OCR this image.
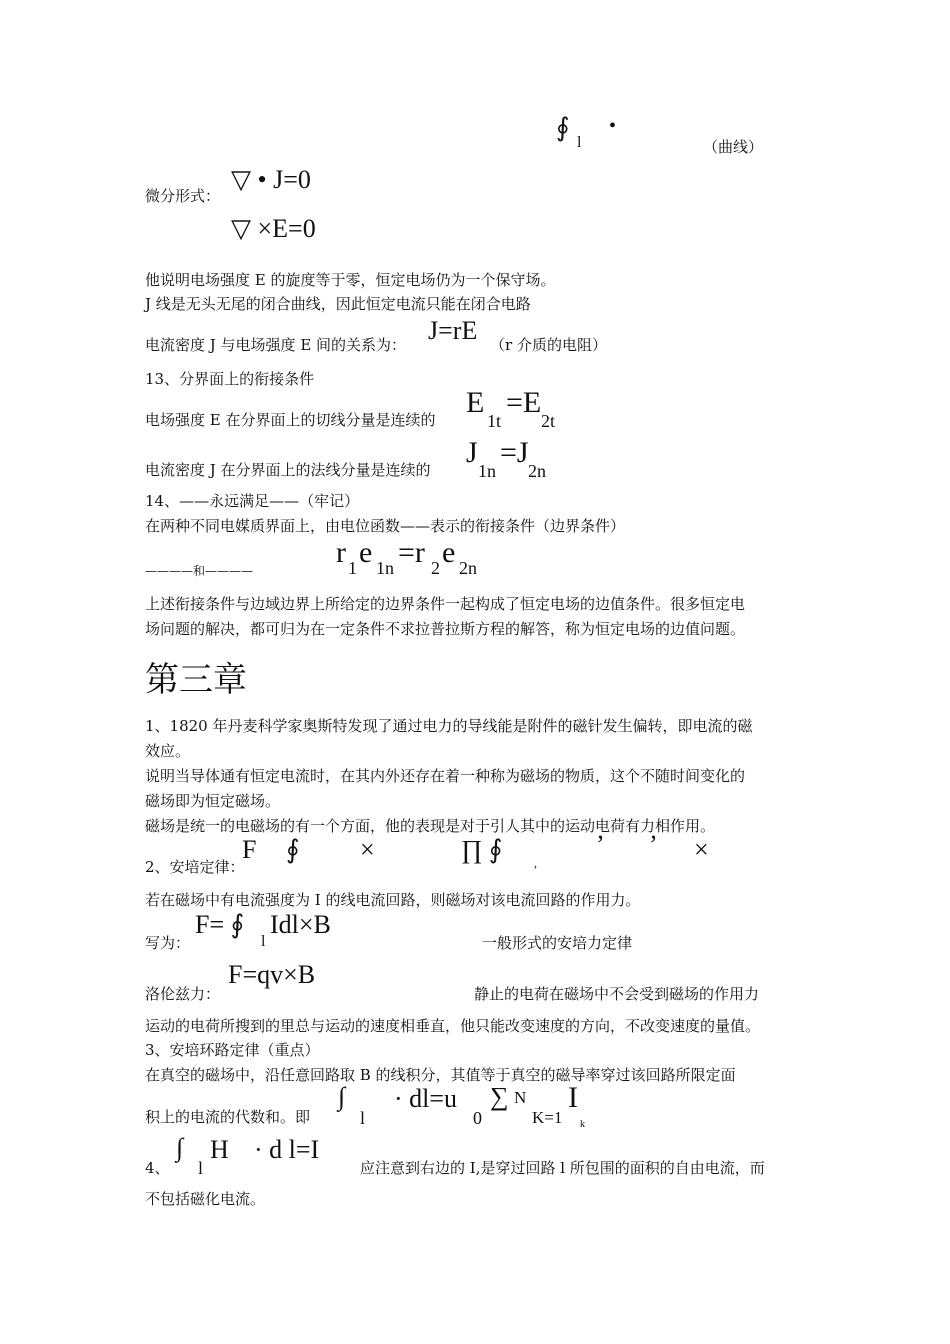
∮
l
•
（曲线）
微分形式：
▽ • J=0
▽ ×E=0
他说明电场强度 E 的旋度等于零，恒定电场仍为一个保守场。
J 线是无头无尾的闭合曲线，因此恒定电流只能在闭合电路
电流密度 J 与电场强度 E 间的关系为： J=rE （r 介质的电阻）
13、分界面上的衔接条件
电场强度 E 在分界面上的切线分量是连续的
E
1t
=E
2t
电流密度 J 在分界面上的法线分量是连续的
J
1n
=J
2n
14、——永远满足——（牢记）
在两种不同电媒质界面上，由电位函数——表示的衔接条件（边界条件）
————和————
r 1 e 1n =r 2 e 2n
上述衔接条件与边域边界上所给定的边界条件一起构成了恒定电场的边值条件。很多恒定电
场问题的解决，都可归为在一定条件不求拉普拉斯方程的解答，称为恒定电场的边值问题。
第三章
1、1820 年丹麦科学家奥斯特发现了通过电力的导线能是附件的磁针发生偏转，即电流的磁
效应。
说明当导体通有恒定电流时，在其内外还存在着一种称为磁场的物质，这个不随时间变化的
磁场即为恒定磁场。
磁场是统一的电磁场的有一个方面，他的表现是对于引人其中的运动电荷有力相作用。
2、安培定律：
F ∮ ×	∏ ∮	,
’ ’ ×
若在磁场中有电流强度为 I 的线电流回路，则磁场对该电流回路的作用力。
写为：
F= ∮
l
Idl×B
一般形式的安培力定律
洛伦兹力：
F=qv×B
静止的电荷在磁场中不会受到磁场的作用力
运动的电荷所搜到的里总与运动的速度相垂直，他只能改变速度的方向，不改变速度的量值。
3、安培环路定律（重点）
在真空的磁场中，沿任意回路取 B 的线积分，其值等于真空的磁导率穿过该回路所限定面
积上的电流的代数和。即
∫
l
· dl=u
0
∑ N
K=1
I
k
4、
∫
l
H · d l=I
应注意到右边的 I,是穿过回路 l 所包围的面积的自由电流，而
不包括磁化电流。
